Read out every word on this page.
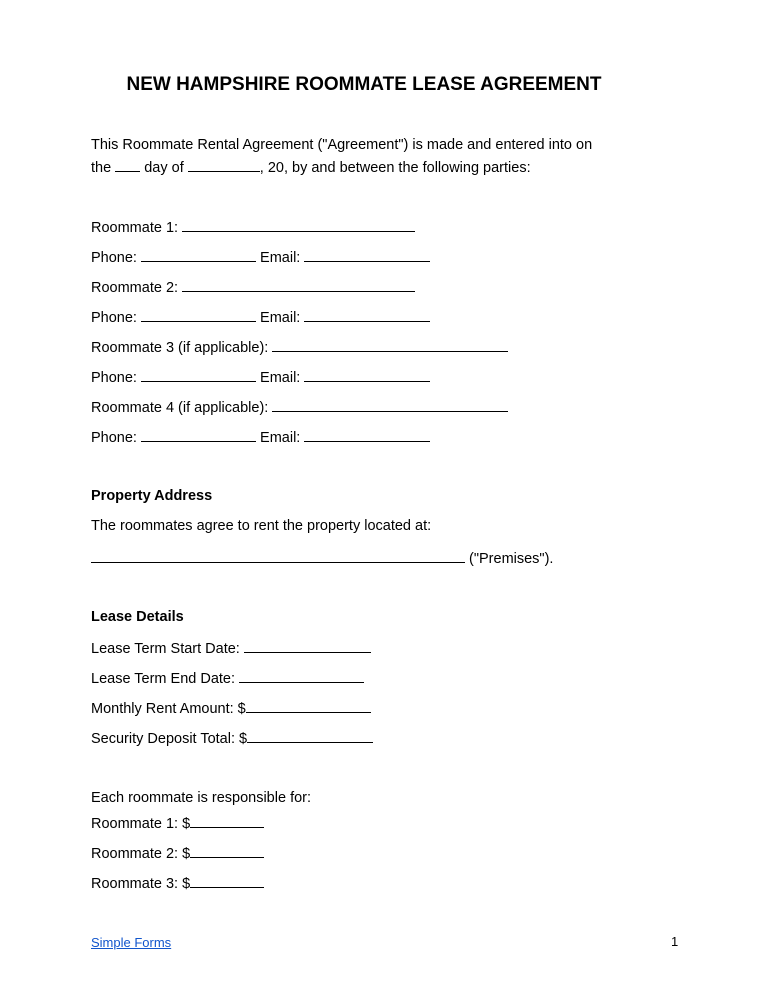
NEW HAMPSHIRE ROOMMATE LEASE AGREEMENT
This Roommate Rental Agreement ("Agreement") is made and entered into on
the day of	, 20, by and between the following parties:
Roommate 1:
Phone:	Email:
Roommate 2:
Phone:	Email:
Roommate 3 (if applicable):
Phone:	Email:
Roommate 4 (if applicable):
Phone:	Email:
Property Address
The roommates agree to rent the property located at:
("Premises").
Lease Details
Lease Term Start Date:
Lease Term End Date:
Monthly Rent Amount: $
Security Deposit Total: $
Each roommate is responsible for:
Roommate 1: $
Roommate 2: $
Roommate 3: $
Simple Forms	1
